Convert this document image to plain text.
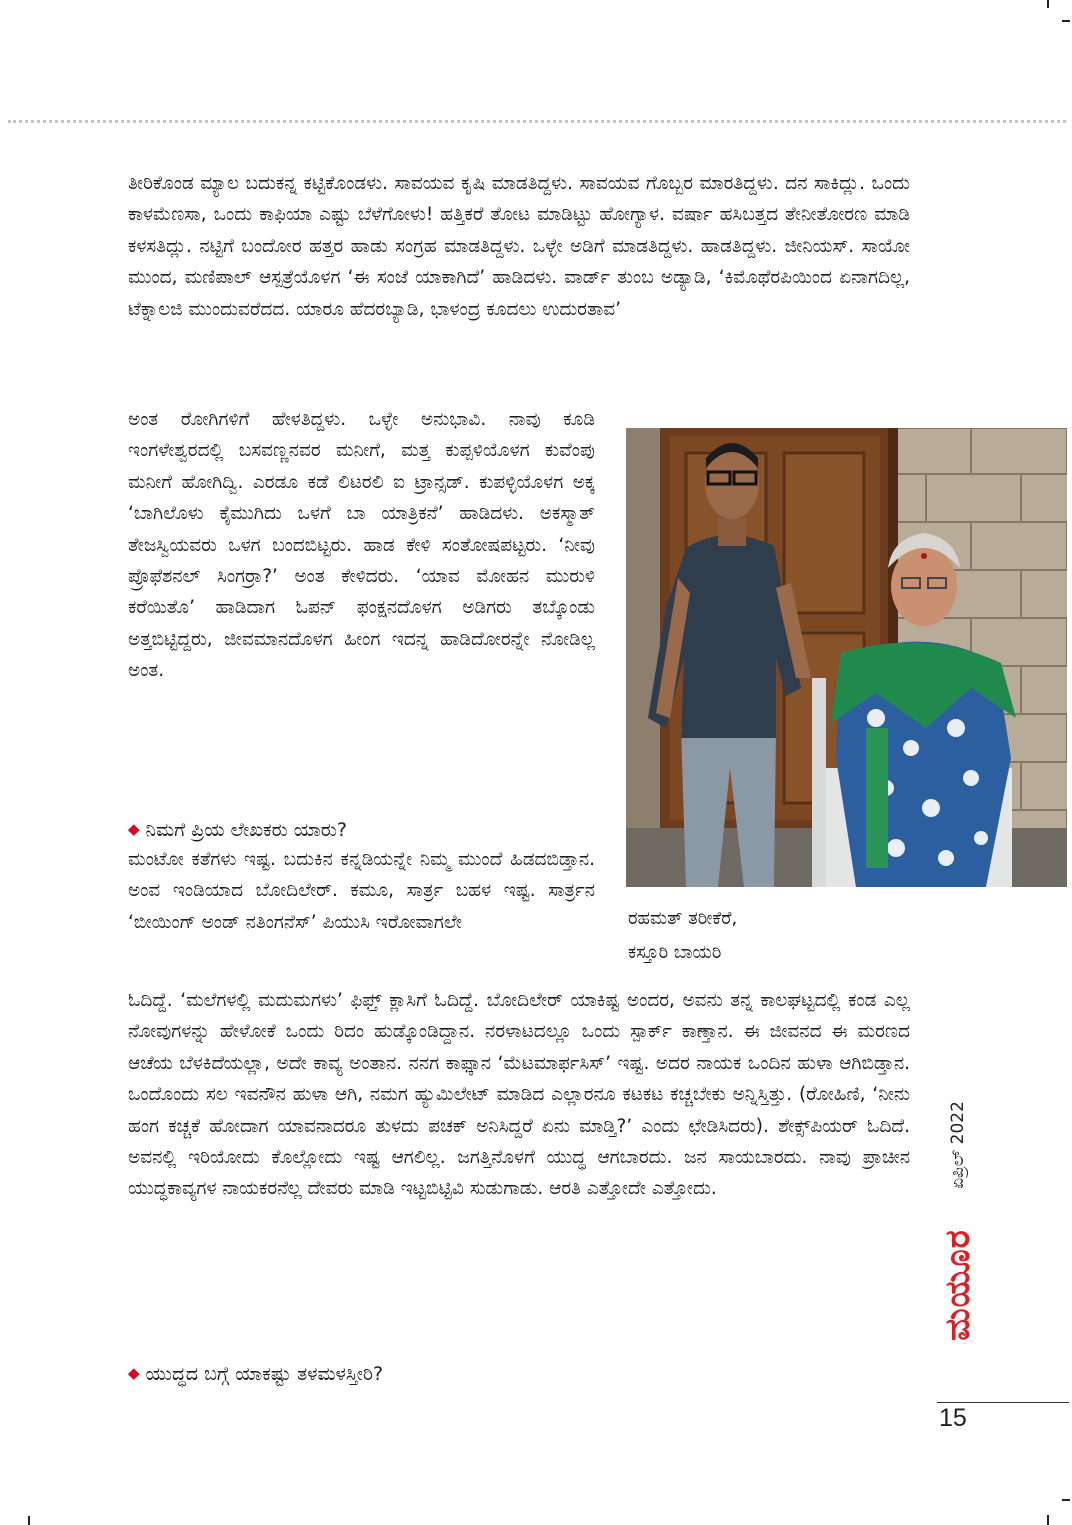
ತೀರಿಕೊಂಡ ಮ್ಯಾಲ ಬದುಕನ್ನ ಕಟ್ಟಿಕೊಂಡಳು. ಸಾವಯವ ಕೃಷಿ ಮಾಡತಿದ್ದಳು. ಸಾವಯವ ಗೊಬ್ಬರ ಮಾರತಿದ್ದಳು. ದನ ಸಾಕಿದ್ಲು. ಒಂದು ಕಾಳಮೆಣಸಾ, ಒಂದು ಕಾಫಿಯಾ ಎಷ್ಟು ಬೆಳೆಗೋಳು! ಹತ್ತಿಕರೆ ತೋಟ ಮಾಡಿಟ್ಟು ಹೋಗ್ಯಾಳ. ವರ್ಷಾ ಹಸಿಬತ್ತದ ತೇನೀತೋರಣ ಮಾಡಿ ಕಳಸತಿದ್ಲು. ನಟ್ಟಿಗೆ ಬಂದೋರ ಹತ್ತರ ಹಾಡು ಸಂಗ್ರಹ ಮಾಡತಿದ್ದಳು. ಒಳ್ಳೇ ಅಡಿಗೆ ಮಾಡತಿದ್ದಳು. ಹಾಡತಿದ್ದಳು. ಜೀನಿಯಸ್. ಸಾಯೋ ಮುಂದ, ಮಣಿಪಾಲ್ ಆಸ್ಪತ್ರೆಯೊಳಗ ‘ಈ ಸಂಜೆ ಯಾಕಾಗಿದೆ’ ಹಾಡಿದಳು. ವಾರ್ಡ್ ತುಂಬ ಅಡ್ಯಾಡಿ, ‘ಕಿಮೊಥೆರಪಿಯಿಂದ ಏನಾಗದಿಲ್ಲ, ಟೆಕ್ನಾಲಜಿ ಮುಂದುವರೆದದ. ಯಾರೂ ಹೆದರಬ್ಯಾಡಿ, ಭಾಳಂದ್ರ ಕೂದಲು ಉದುರತಾವ’

ಅಂತ ರೋಗಿಗಳಿಗೆ ಹೇಳತಿದ್ದಳು. ಒಳ್ಳೇ ಅನುಭಾವಿ. ನಾವು ಕೂಡಿ ಇಂಗಳೇಶ್ವರದಲ್ಲಿ ಬಸವಣ್ಣನವರ ಮನೀಗೆ, ಮತ್ತ ಕುಪ್ಪಳಿಯೊಳಗ ಕುವೆಂಪು ಮನೀಗೆ ಹೋಗಿದ್ವಿ. ಎರಡೂ ಕಡೆ ಲಿಟರಲಿ ಐ ಟ್ರಾನ್ಸಡ್. ಕುಪಳ್ಳಿಯೊಳಗ ಅಕ್ಕ ‘ಬಾಗಿಲೊಳು ಕೈಮುಗಿದು ಒಳಗೆ ಬಾ ಯಾತ್ರಿಕನೆ’ ಹಾಡಿದಳು. ಅಕಸ್ಮಾತ್ ತೇಜಸ್ವಿಯವರು ಒಳಗ ಬಂದಬಿಟ್ಟರು. ಹಾಡ ಕೇಳಿ ಸಂತೋಷಪಟ್ಟರು. ‘ನೀವು ಪ್ರೊಫೆಶನಲ್ ಸಿಂಗರ್ರಾ?’ ಅಂತ ಕೇಳಿದರು. ‘ಯಾವ ಮೋಹನ ಮುರುಳಿ ಕರೆಯಿತೊ’ ಹಾಡಿದಾಗ ಓಪನ್ ಫಂಕ್ಷನದೊಳಗ ಅಡಿಗರು ತಬ್ಕೊಂಡು ಅತ್ತಬಿಟ್ಟಿದ್ದರು, ಜೀವಮಾನದೊಳಗ ಹೀಂಗ ಇದನ್ನ ಹಾಡಿದೋರನ್ನೇ ನೋಡಿಲ್ಲ ಅಂತ.

◆ ನಿಮಗೆ ಪ್ರಿಯ ಲೇಖಕರು ಯಾರು?

ಮಂಟೋ ಕತೆಗಳು ಇಷ್ಟ. ಬದುಕಿನ ಕನ್ನಡಿಯನ್ನೇ ನಿಮ್ಮ ಮುಂದೆ ಹಿಡದಬಿಡ್ತಾನ. ಅಂವ ಇಂಡಿಯಾದ ಬೋದಿಲೇರ್. ಕಮೂ, ಸಾರ್ತ್ರ ಬಹಳ ಇಷ್ಟ. ಸಾರ್ತ್ರನ ‘ಬೀಯಿಂಗ್ ಅಂಡ್ ನತಿಂಗನೆಸ್’ ಪಿಯುಸಿ ಇರೋವಾಗಲೇ

ಓದಿದ್ದೆ. ‘ಮಲೆಗಳಲ್ಲಿ ಮದುಮಗಳು’ ಫಿಫ್ತ್ ಕ್ಲಾಸಿಗೆ ಓದಿದ್ದೆ. ಬೋದಿಲೇರ್ ಯಾಕಿಷ್ಟ ಅಂದರ, ಅವನು ತನ್ನ ಕಾಲಘಟ್ಟದಲ್ಲಿ ಕಂಡ ಎಲ್ಲ ನೋವುಗಳನ್ನು ಹೇಳೋಕೆ ಒಂದು ರಿದಂ ಹುಡ್ಕೊಂಡಿದ್ದಾನ. ನರಳಾಟದಲ್ಲೂ ಒಂದು ಸ್ಪಾರ್ಕ್ ಕಾಣ್ತಾನ. ಈ ಜೀವನದ ಈ ಮರಣದ ಆಚೆಯ ಬೆಳಕಿದೆಯಲ್ಲಾ, ಅದೇ ಕಾವ್ಯ ಅಂತಾನ. ನನಗ ಕಾಫ್ಕಾನ ‘ಮೆಟಮಾರ್ಫಸಿಸ್’ ಇಷ್ಟ. ಅದರ ನಾಯಕ ಒಂದಿನ ಹುಳಾ ಆಗಿಬಿಡ್ತಾನ. ಒಂದೊಂದು ಸಲ ಇವನೌನ ಹುಳಾ ಆಗಿ, ನಮಗ ಹ್ಯುಮಿಲೇಟ್ ಮಾಡಿದ ಎಲ್ಲಾರನೂ ಕಟಕಟ ಕಚ್ಚಬೇಕು ಅನ್ನಿಸ್ತಿತ್ತು. (ರೋಹಿಣಿ, ‘ನೀನು ಹಂಗ ಕಚ್ಚಕೆ ಹೋದಾಗ ಯಾವನಾದರೂ ತುಳದು ಪಚಕ್ ಅನಿಸಿದ್ದರೆ ಏನು ಮಾಡ್ತಿ?’ ಎಂದು ಛೇಡಿಸಿದರು). ಶೇಕ್ಸ್‌ಪಿಯರ್ ಓದಿದೆ. ಅವನಲ್ಲಿ ಇರಿಯೋದು ಕೊಲ್ಲೋದು ಇಷ್ಟ ಆಗಲಿಲ್ಲ. ಜಗತ್ತಿನೊಳಗೆ ಯುದ್ಧ ಆಗಬಾರದು. ಜನ ಸಾಯಬಾರದು. ನಾವು ಪ್ರಾಚೀನ ಯುದ್ಧಕಾವ್ಯಗಳ ನಾಯಕರನೆಲ್ಲ ದೇವರು ಮಾಡಿ ಇಟ್ಟಬಿಟ್ಟಿವಿ ಸುಡುಗಾಡು. ಆರತಿ ಎತ್ತೋದೇ ಎತ್ತೋದು.

◆ ಯುದ್ಧದ ಬಗ್ಗೆ ಯಾಕಷ್ಟು ತಳಮಳಸ್ತೀರಿ?

ರಹಮತ್ ತರೀಕೆರೆ,
ಕಸ್ತೂರಿ ಬಾಯರಿ

ಏಪ್ರಿಲ್ 2022
ಮಯೂರ

15
